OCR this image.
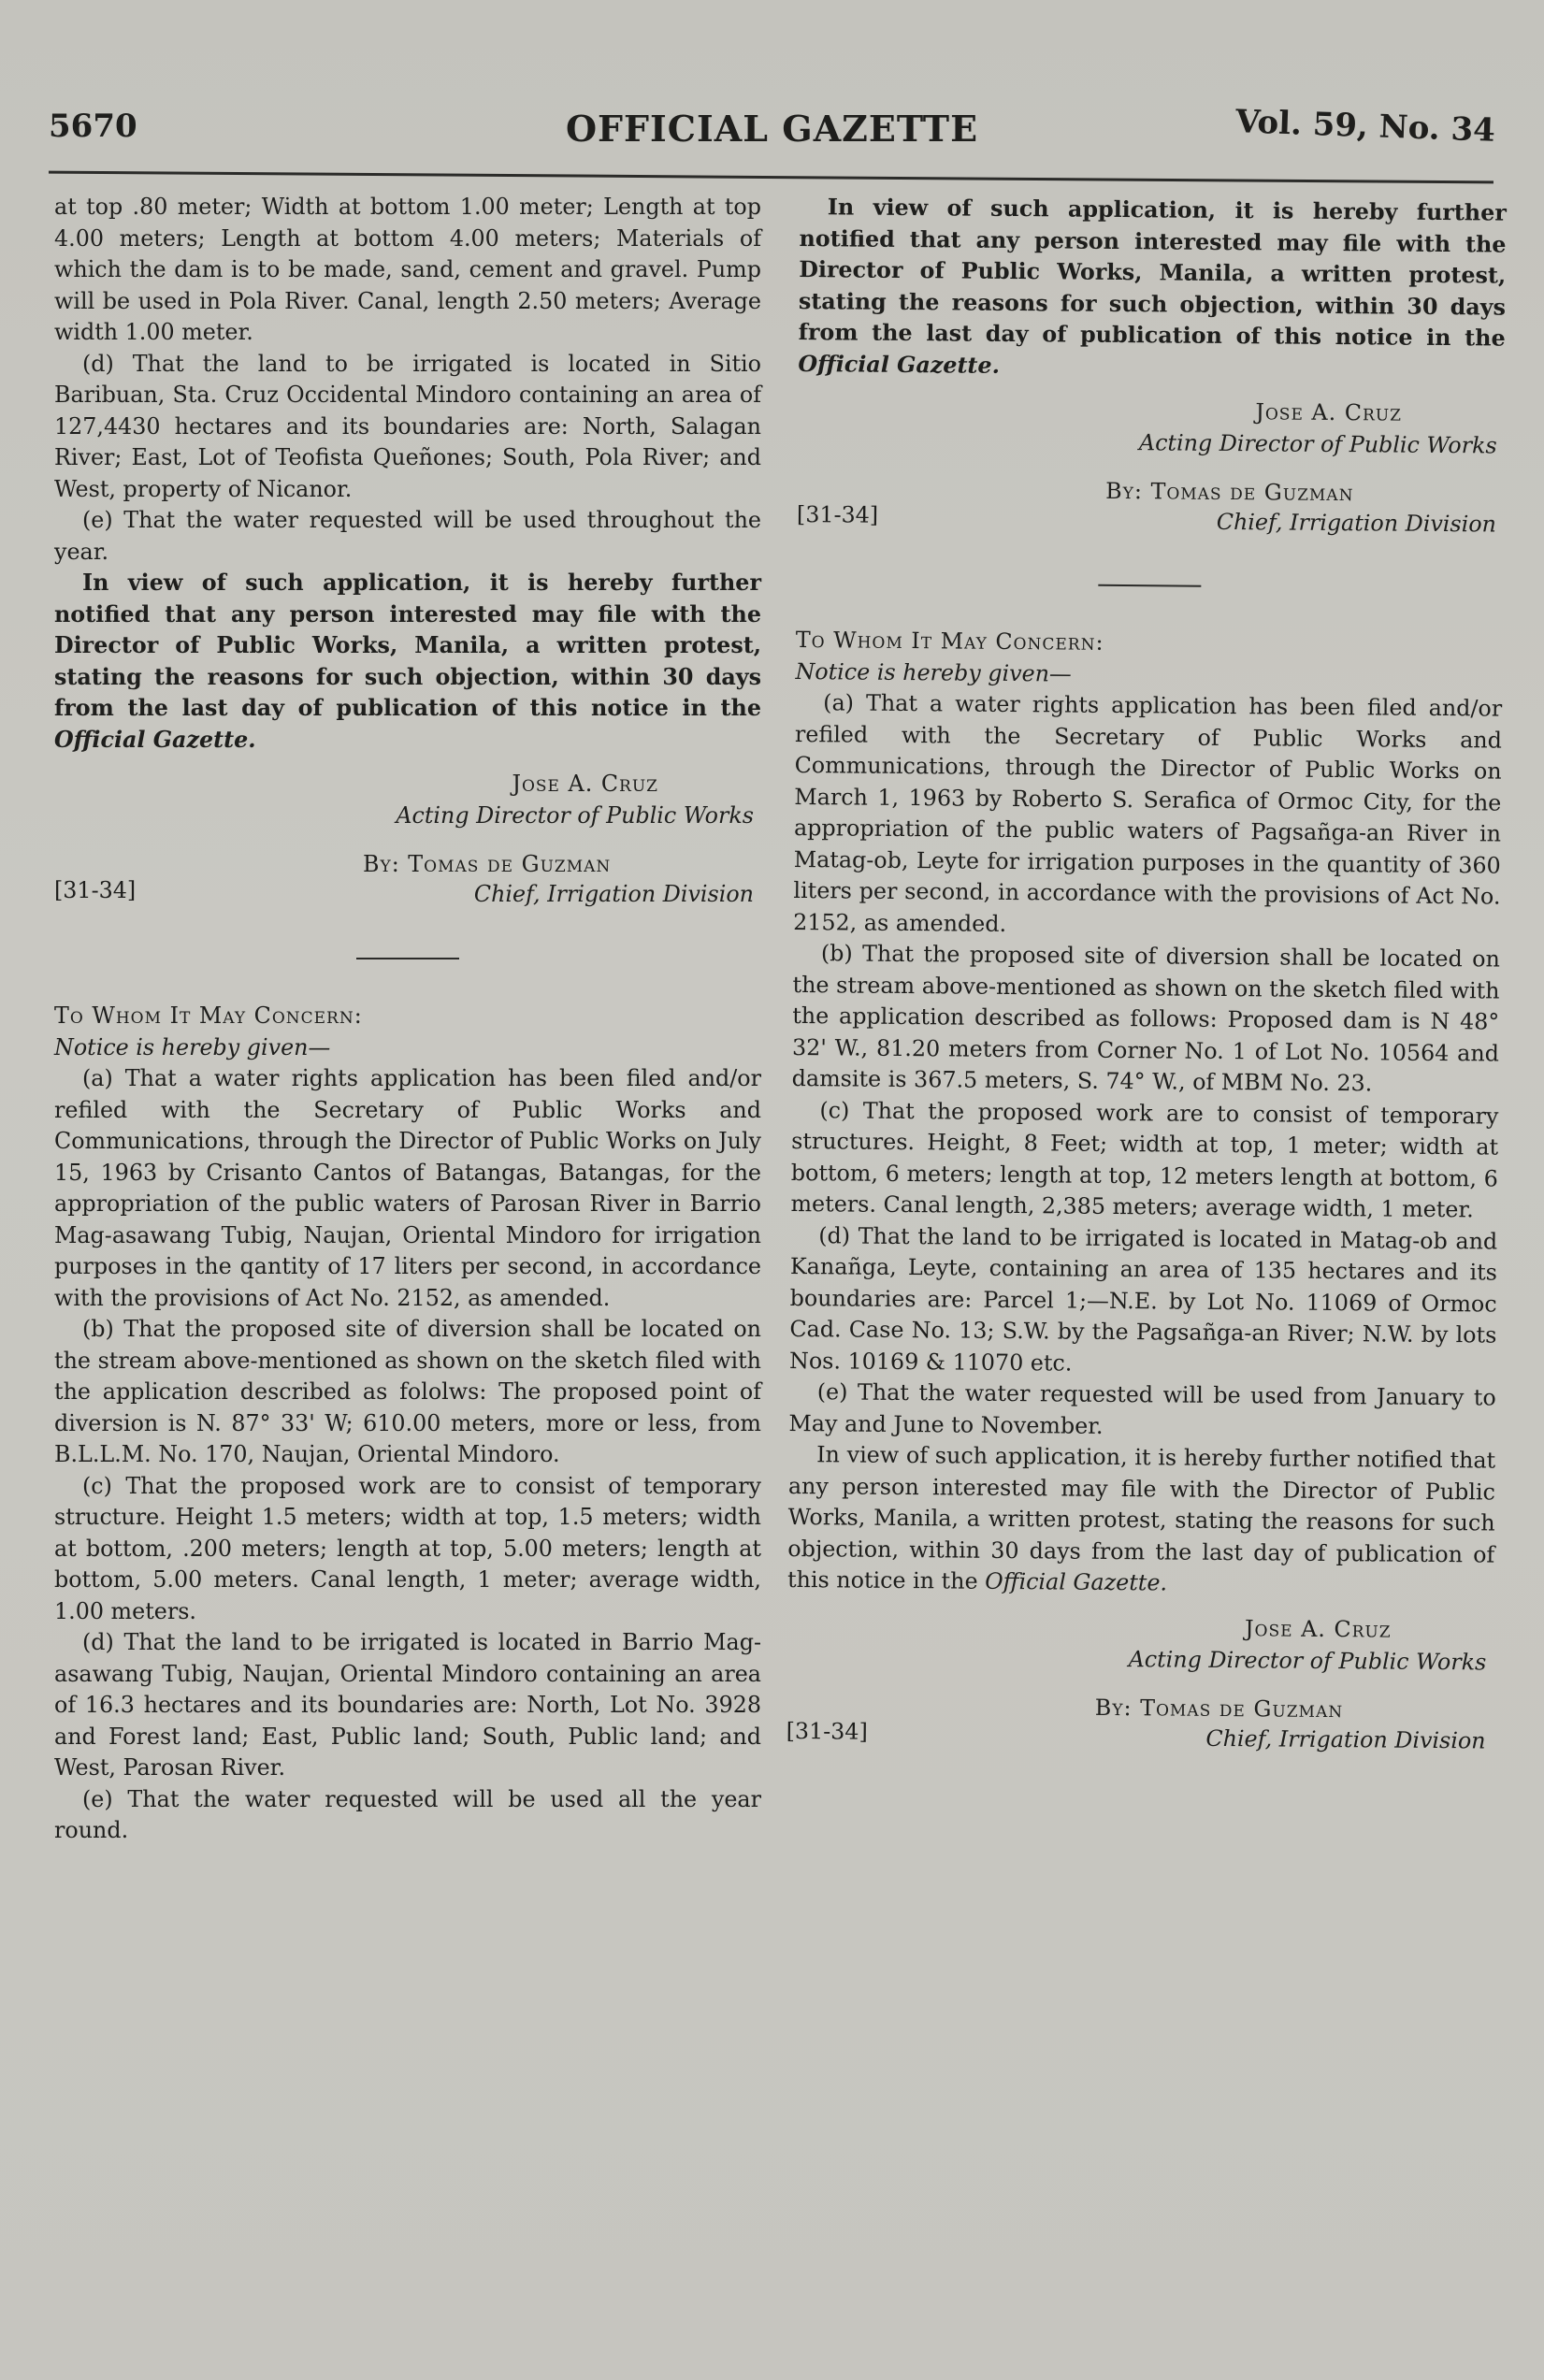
5670	OFFICIAL GAZETTE	Vol. 59, No. 34

at top .80 meter; Width at bottom 1.00 meter; Length at top 4.00 meters; Length at bottom 4.00 meters; Materials of which the dam is to be made, sand, cement and gravel. Pump will be used in Pola River. Canal, length 2.50 meters; Average width 1.00 meter.

(d) That the land to be irrigated is located in Sitio Baribuan, Sta. Cruz Occidental Mindoro containing an area of 127,4430 hectares and its boundaries are: North, Salagan River; East, Lot of Teofista Queñones; South, Pola River; and West, property of Nicanor.

(e) That the water requested will be used throughout the year.

In view of such application, it is hereby further notified that any person interested may file with the Director of Public Works, Manila, a written protest, stating the reasons for such objection, within 30 days from the last day of publication of this notice in the Official Gazette.

Jose A. Cruz
Acting Director of Public Works
By: Tomas de Guzman
[31-34]	Chief, Irrigation Division

To Whom It May Concern:

Notice is hereby given—

(a) That a water rights application has been filed and/or refiled with the Secretary of Public Works and Communications, through the Director of Public Works on July 15, 1963 by Crisanto Cantos of Batangas, Batangas, for the appropriation of the public waters of Parosan River in Barrio Mag-asawang Tubig, Naujan, Oriental Mindoro for irrigation purposes in the qantity of 17 liters per second, in accordance with the provisions of Act No. 2152, as amended.

(b) That the proposed site of diversion shall be located on the stream above-mentioned as shown on the sketch filed with the application described as fololws: The proposed point of diversion is N. 87° 33' W; 610.00 meters, more or less, from B.L.L.M. No. 170, Naujan, Oriental Mindoro.

(c) That the proposed work are to consist of temporary structure. Height 1.5 meters; width at top, 1.5 meters; width at bottom, .200 meters; length at top, 5.00 meters; length at bottom, 5.00 meters. Canal length, 1 meter; average width, 1.00 meters.

(d) That the land to be irrigated is located in Barrio Mag-asawang Tubig, Naujan, Oriental Mindoro containing an area of 16.3 hectares and its boundaries are: North, Lot No. 3928 and Forest land; East, Public land; South, Public land; and West, Parosan River.

(e) That the water requested will be used all the year round.

In view of such application, it is hereby further notified that any person interested may file with the Director of Public Works, Manila, a written protest, stating the reasons for such objection, within 30 days from the last day of publication of this notice in the Official Gazette.

Jose A. Cruz
Acting Director of Public Works
By: Tomas de Guzman
[31-34]	Chief, Irrigation Division

To Whom It May Concern:

Notice is hereby given—

(a) That a water rights application has been filed and/or refiled with the Secretary of Public Works and Communications, through the Director of Public Works on March 1, 1963 by Roberto S. Serafica of Ormoc City, for the appropriation of the public waters of Pagsañga-an River in Matag-ob, Leyte for irrigation purposes in the quantity of 360 liters per second, in accordance with the provisions of Act No. 2152, as amended.

(b) That the proposed site of diversion shall be located on the stream above-mentioned as shown on the sketch filed with the application described as follows: Proposed dam is N 48° 32' W., 81.20 meters from Corner No. 1 of Lot No. 10564 and damsite is 367.5 meters, S. 74° W., of MBM No. 23.

(c) That the proposed work are to consist of temporary structures. Height, 8 Feet; width at top, 1 meter; width at bottom, 6 meters; length at top, 12 meters length at bottom, 6 meters. Canal length, 2,385 meters; average width, 1 meter.

(d) That the land to be irrigated is located in Matag-ob and Kanañga, Leyte, containing an area of 135 hectares and its boundaries are: Parcel 1;—N.E. by Lot No. 11069 of Ormoc Cad. Case No. 13; S.W. by the Pagsañga-an River; N.W. by lots Nos. 10169 & 11070 etc.

(e) That the water requested will be used from January to May and June to November.

In view of such application, it is hereby further notified that any person interested may file with the Director of Public Works, Manila, a written protest, stating the reasons for such objection, within 30 days from the last day of publication of this notice in the Official Gazette.

Jose A. Cruz
Acting Director of Public Works
By: Tomas de Guzman
[31-34]	Chief, Irrigation Division
